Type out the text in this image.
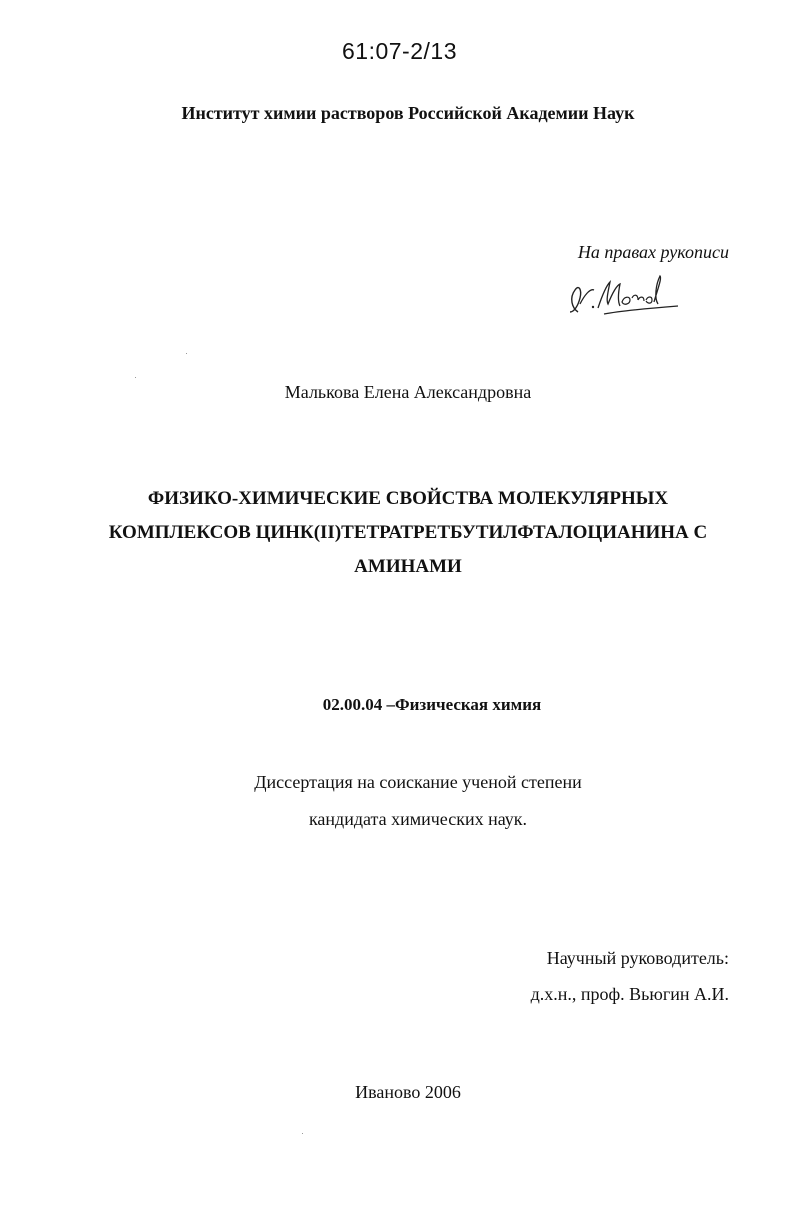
61:07-2/13
Институт химии растворов Российской Академии Наук
На правах рукописи
Малькова Елена Александровна
ФИЗИКО-ХИМИЧЕСКИЕ СВОЙСТВА МОЛЕКУЛЯРНЫХ
КОМПЛЕКСОВ ЦИНК(II)ТЕТРАТРЕТБУТИЛФТАЛОЦИАНИНА С
АМИНАМИ
02.00.04 –Физическая химия
Диссертация на соискание ученой степени
кандидата химических наук.
Научный руководитель:
д.х.н., проф. Вьюгин А.И.
Иваново 2006
